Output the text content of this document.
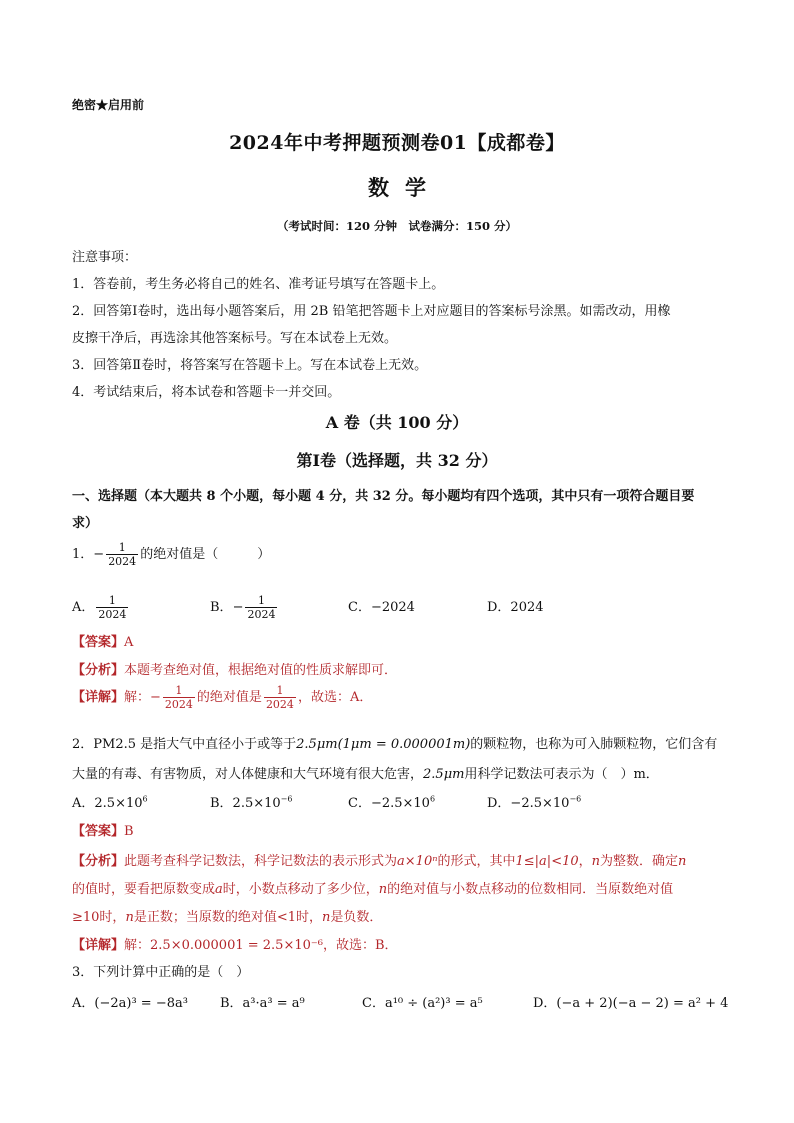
绝密★启用前
2024年中考押题预测卷01【成都卷】
数学
（考试时间：120 分钟　试卷满分：150 分）
注意事项：
1．答卷前，考生务必将自己的姓名、准考证号填写在答题卡上。
2．回答第Ⅰ卷时，选出每小题答案后，用 2B 铅笔把答题卡上对应题目的答案标号涂黑。如需改动，用橡
皮擦干净后，再选涂其他答案标号。写在本试卷上无效。
3．回答第Ⅱ卷时，将答案写在答题卡上。写在本试卷上无效。
4．考试结束后，将本试卷和答题卡一并交回。
A 卷（共 100 分）
第Ⅰ卷（选择题，共 32 分）
一、选择题（本大题共 8 个小题，每小题 4 分，共 32 分。每小题均有四个选项，其中只有一项符合题目要
求）
1．− $\frac{1}{2024}$ 的绝对值是（　　　）
A． $\frac{1}{2024}$	B．− $\frac{1}{2024}$	C．−2024	D．2024
【答案】A
【分析】本题考查绝对值，根据绝对值的性质求解即可．
【详解】解：− $\frac{1}{2024}$ 的绝对值是 $\frac{1}{2024}$ ，故选：A．
2．PM2.5 是指大气中直径小于或等于2.5μm(1μm = 0.000001m)的颗粒物，也称为可入肺颗粒物，它们含有
大量的有毒、有害物质，对人体健康和大气环境有很大危害，2.5μm用科学记数法可表示为（　）m．
A．$2.5\times 10^6$	B．$2.5\times 10^{-6}$	C．$-2.5\times 10^6$	D．$-2.5\times 10^{-6}$
【答案】B
【分析】此题考查科学记数法，科学记数法的表示形式为a×10ⁿ的形式，其中1≤|a|<10，n为整数．确定n
的值时，要看把原数变成a时，小数点移动了多少位，n的绝对值与小数点移动的位数相同．当原数绝对值
≥10时，n是正数；当原数的绝对值<1时，n是负数．
【详解】解：2.5×0.000001 = 2.5×10⁻⁶，故选：B．
3．下列计算中正确的是（　）
A．(−2a)³ = −8a³ B．a³·a³ = a⁹	C．a¹⁰ ÷ (a²)³ = a⁵	D．(−a + 2)(−a − 2) = a² + 4
